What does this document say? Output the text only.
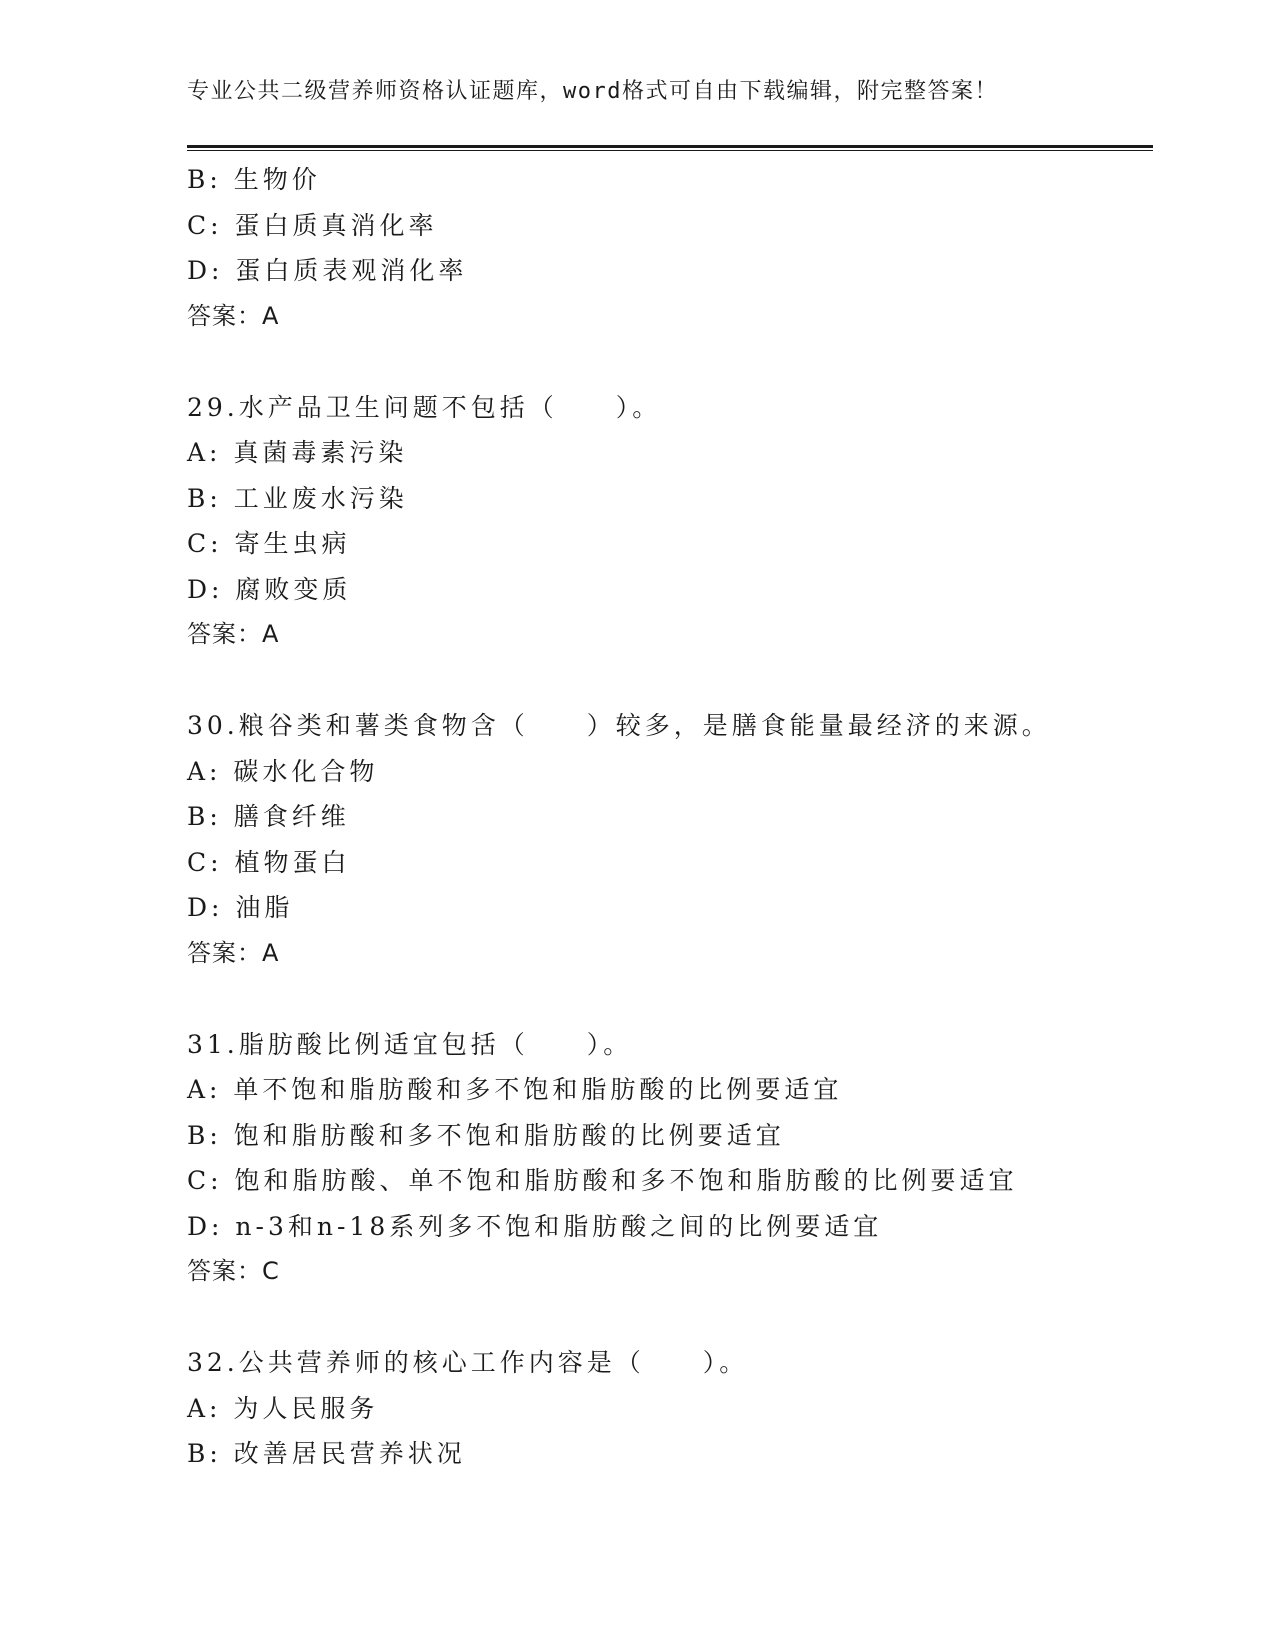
专业公共二级营养师资格认证题库，word格式可自由下载编辑，附完整答案！
B: 生物价
C: 蛋白质真消化率
D: 蛋白质表观消化率
答案：A
29.水产品卫生问题不包括（　　）。
A: 真菌毒素污染
B: 工业废水污染
C: 寄生虫病
D: 腐败变质
答案：A
30.粮谷类和薯类食物含（　　）较多，是膳食能量最经济的来源。
A: 碳水化合物
B: 膳食纤维
C: 植物蛋白
D: 油脂
答案：A
31.脂肪酸比例适宜包括（　　）。
A: 单不饱和脂肪酸和多不饱和脂肪酸的比例要适宜
B: 饱和脂肪酸和多不饱和脂肪酸的比例要适宜
C: 饱和脂肪酸、单不饱和脂肪酸和多不饱和脂肪酸的比例要适宜
D: n-3和n-18系列多不饱和脂肪酸之间的比例要适宜
答案：C
32.公共营养师的核心工作内容是（　　）。
A: 为人民服务
B: 改善居民营养状况
